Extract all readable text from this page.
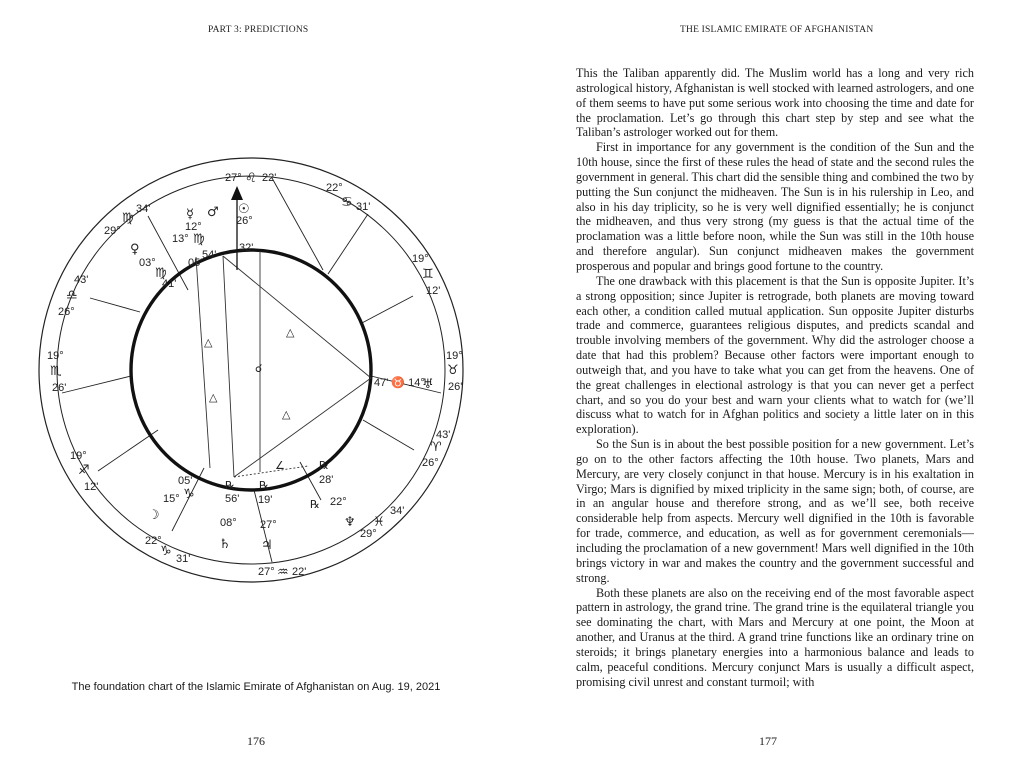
PART 3: PREDICTIONS
△
△
△
△
☌
∠
27° ♌ 22'
22°
♋ 31'
19°
♊
12'
19°
♉
26'
43'
♈
26°
34'
♓
29°
27° ♒ 22'
22°
♑ 31'
19°
♐
12'
19°
♏
26'
43'
♎
26°
34'
♍
29°
☉
26°
32'
♂
12°
54'
☿
13° ♍
♀
03°
♍
41'
05'
47' ♉ 14°
♅
℞
28'
22°
♆
℞
05'
♑
15°
☽
℞
56'
08°
♄
℞
19'
27°
♃
The foundation chart of the Islamic Emirate of Afghanistan on Aug. 19, 2021
176
THE ISLAMIC EMIRATE OF AFGHANISTAN

This the Taliban apparently did. The Muslim world has a long and very rich astrological history, Afghanistan is well stocked with learned astrologers, and one of them seems to have put some serious work into choosing the time and date for the proclamation. Let’s go through this chart step by step and see what the Taliban’s astrologer worked out for them.

First in importance for any government is the condition of the Sun and the 10th house, since the first of these rules the head of state and the second rules the government in general. This chart did the sensible thing and combined the two by putting the Sun conjunct the midheaven. The Sun is in his rulership in Leo, and also in his day triplicity, so he is very well dignified essentially; he is conjunct the midheaven, and thus very strong (my guess is that the actual time of the proclamation was a little before noon, while the Sun was still in the 10th house and therefore angular). Sun conjunct midheaven makes the government prosperous and popular and brings good fortune to the country.

The one drawback with this placement is that the Sun is opposite Jupiter. It’s a strong opposition; since Jupiter is retrograde, both planets are moving toward each other, a condition called mutual application. Sun opposite Jupiter disturbs trade and commerce, guarantees religious disputes, and predicts scandal and trouble involving members of the government. Why did the astrologer choose a date that had this problem? Because other factors were important enough to outweigh that, and you have to take what you can get from the heavens. One of the great challenges in electional astrology is that you can never get a perfect chart, and so you do your best and warn your clients what to watch for (we’ll discuss what to watch for in Afghan politics and society a little later on in this exploration).

So the Sun is in about the best possible position for a new government. Let’s go on to the other factors affecting the 10th house. Two planets, Mars and Mercury, are very closely conjunct in that house. Mercury is in his exaltation in Virgo; Mars is dignified by mixed triplicity in the same sign; both, of course, are in an angular house and therefore strong, and as we’ll see, both receive considerable help from aspects. Mercury well dignified in the 10th is favorable for trade, commerce, and education, as well as for government ceremonials—including the proclamation of a new government! Mars well dignified in the 10th brings victory in war and makes the country and the government successful and strong.

Both these planets are also on the receiving end of the most favorable aspect pattern in astrology, the grand trine. The grand trine is the equilateral triangle you see dominating the chart, with Mars and Mercury at one point, the Moon at another, and Uranus at the third. A grand trine functions like an ordinary trine on steroids; it brings planetary energies into a harmonious balance and leads to calm, peaceful conditions. Mercury conjunct Mars is usually a difficult aspect, promising civil unrest and constant turmoil; with

177
